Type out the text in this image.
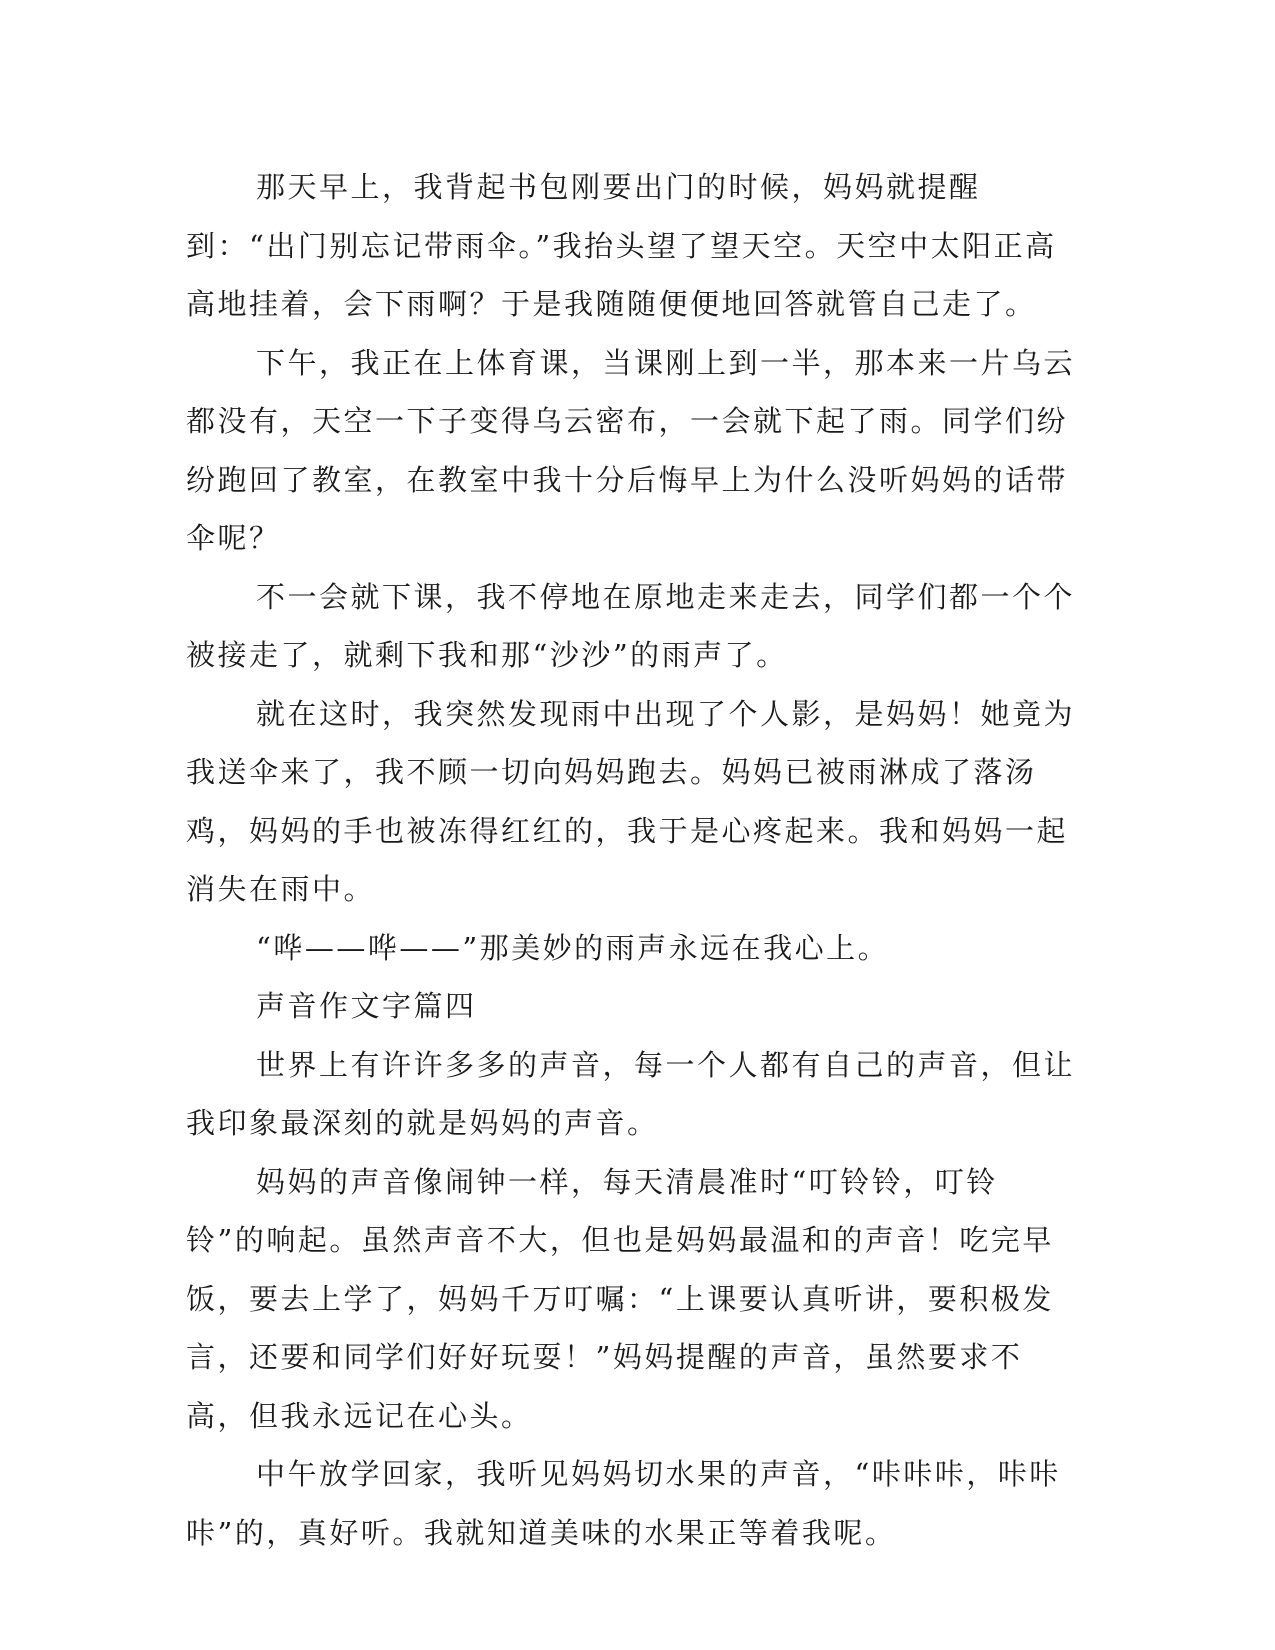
那天早上，我背起书包刚要出门的时候，妈妈就提醒到：“出门别忘记带雨伞。”我抬头望了望天空。天空中太阳正高高地挂着，会下雨啊？于是我随随便便地回答就管自己走了。

下午，我正在上体育课，当课刚上到一半，那本来一片乌云都没有，天空一下子变得乌云密布，一会就下起了雨。同学们纷纷跑回了教室，在教室中我十分后悔早上为什么没听妈妈的话带伞呢？

不一会就下课，我不停地在原地走来走去，同学们都一个个被接走了，就剩下我和那“沙沙”的雨声了。

就在这时，我突然发现雨中出现了个人影，是妈妈！她竟为我送伞来了，我不顾一切向妈妈跑去。妈妈已被雨淋成了落汤鸡，妈妈的手也被冻得红红的，我于是心疼起来。我和妈妈一起消失在雨中。

“哗——哗——”那美妙的雨声永远在我心上。

声音作文字篇四

世界上有许许多多的声音，每一个人都有自己的声音，但让我印象最深刻的就是妈妈的声音。

妈妈的声音像闹钟一样，每天清晨准时“叮铃铃，叮铃铃”的响起。虽然声音不大，但也是妈妈最温和的声音！吃完早饭，要去上学了，妈妈千万叮嘱：“上课要认真听讲，要积极发言，还要和同学们好好玩耍！”妈妈提醒的声音，虽然要求不高，但我永远记在心头。

中午放学回家，我听见妈妈切水果的声音，“咔咔咔，咔咔咔”的，真好听。我就知道美味的水果正等着我呢。
